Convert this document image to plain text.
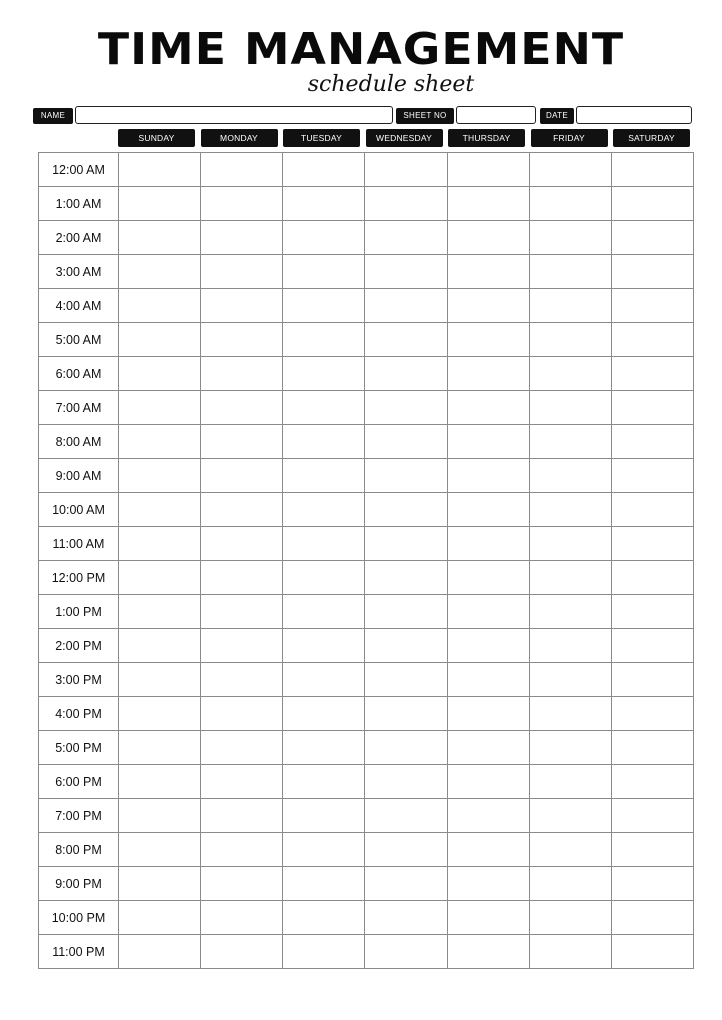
TIME MANAGEMENT
schedule sheet
NAME	SHEET NO	DATE
SUNDAY	MONDAY	TUESDAY	WEDNESDAY	THURSDAY	FRIDAY	SATURDAY
12:00 AM							
1:00 AM							
2:00 AM							
3:00 AM							
4:00 AM							
5:00 AM							
6:00 AM							
7:00 AM							
8:00 AM							
9:00 AM							
10:00 AM							
11:00 AM							
12:00 PM							
1:00 PM							
2:00 PM							
3:00 PM							
4:00 PM							
5:00 PM							
6:00 PM							
7:00 PM							
8:00 PM							
9:00 PM							
10:00 PM							
11:00 PM							
